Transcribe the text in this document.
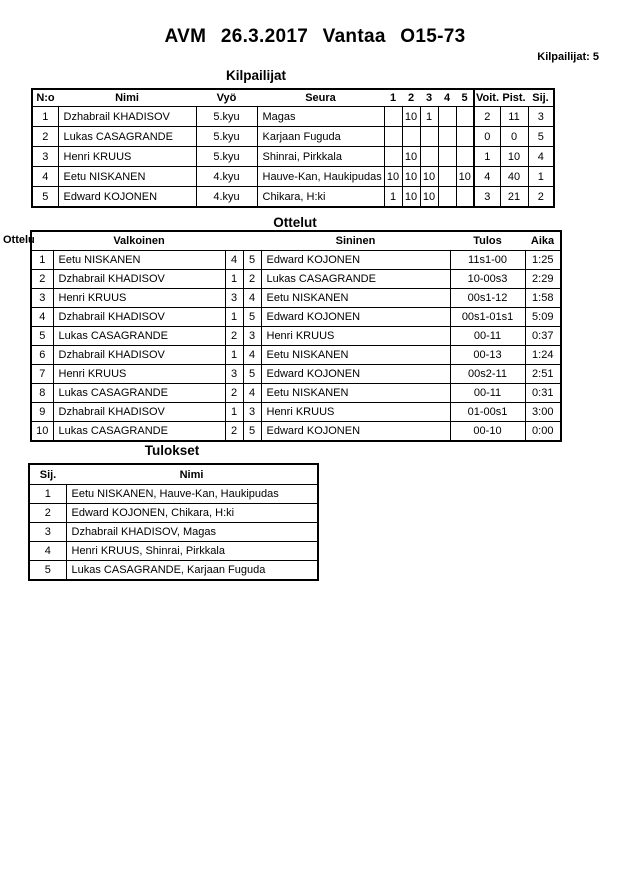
AVM 26.3.2017 Vantaa O15-73
Kilpailijat: 5
Kilpailijat
N:o	Nimi	Vyö	Seura	1	2	3	4	5	Voit.	Pist.	Sij.
1	Dzhabrail KHADISOV	5.kyu	Magas		10	1			2	11	3
2	Lukas CASAGRANDE	5.kyu	Karjaan Fuguda						0	0	5
3	Henri KRUUS	5.kyu	Shinrai, Pirkkala		10				1	10	4
4	Eetu NISKANEN	4.kyu	Hauve-Kan, Haukipudas	10	10	10		10	4	40	1
5	Edward KOJONEN	4.kyu	Chikara, H:ki	1	10	10			3	21	2
Ottelut
Ottelu
		Valkoinen			Sininen	Tulos	Aika
1	Eetu NISKANEN	4	5	Edward KOJONEN	11s1-00	1:25
2	Dzhabrail KHADISOV	1	2	Lukas CASAGRANDE	10-00s3	2:29
3	Henri KRUUS	3	4	Eetu NISKANEN	00s1-12	1:58
4	Dzhabrail KHADISOV	1	5	Edward KOJONEN	00s1-01s1	5:09
5	Lukas CASAGRANDE	2	3	Henri KRUUS	00-11	0:37
6	Dzhabrail KHADISOV	1	4	Eetu NISKANEN	00-13	1:24
7	Henri KRUUS	3	5	Edward KOJONEN	00s2-11	2:51
8	Lukas CASAGRANDE	2	4	Eetu NISKANEN	00-11	0:31
9	Dzhabrail KHADISOV	1	3	Henri KRUUS	01-00s1	3:00
10	Lukas CASAGRANDE	2	5	Edward KOJONEN	00-10	0:00
Tulokset
Sij.	Nimi
1	Eetu NISKANEN, Hauve-Kan, Haukipudas
2	Edward KOJONEN, Chikara, H:ki
3	Dzhabrail KHADISOV, Magas
4	Henri KRUUS, Shinrai, Pirkkala
5	Lukas CASAGRANDE, Karjaan Fuguda
